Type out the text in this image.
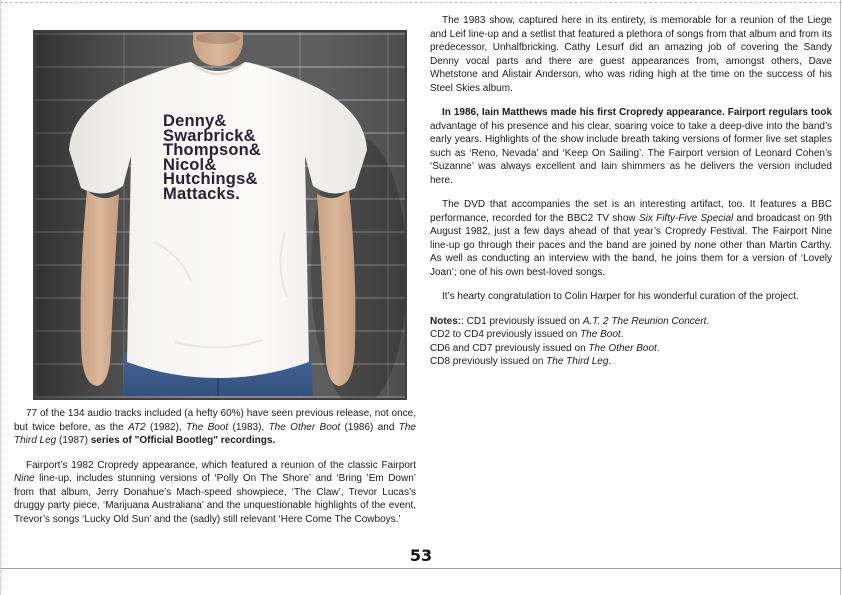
Denny&
Swarbrick&
Thompson&
Nicol&
Hutchings&
Mattacks.

The 1983 show, captured here in its entirety, is memorable for a reunion of the Liege and Leif line-up and a setlist that featured a plethora of songs from that album and from its predecessor, Unhalfbricking. Cathy Lesurf did an amazing job of covering the Sandy Denny vocal parts and there are guest appearances from, amongst others, Dave Whetstone and Alistair Anderson, who was riding high at the time on the success of his Steel Skies album.

In 1986, Iain Matthews made his first Cropredy appearance. Fairport regulars took advantage of his presence and his clear, soaring voice to take a deep-dive into the band’s early years. Highlights of the show include breath taking versions of former live set staples such as ‘Reno, Nevada’ and ‘Keep On Sailing’. The Fairport version of Leonard Cohen’s ‘Suzanne’ was always excellent and Iain shimmers as he delivers the version included here.

The DVD that accompanies the set is an interesting artifact, too. It features a BBC performance, recorded for the BBC2 TV show Six Fifty-Five Special and broadcast on 9th August 1982, just a few days ahead of that year’s Cropredy Festival. The Fairport Nine line-up go through their paces and the band are joined by none other than Martin Carthy. As well as conducting an interview with the band, he joins them for a version of ‘Lovely Joan’; one of his own best-loved songs.

It’s hearty congratulation to Colin Harper for his wonderful curation of the project.

Notes:: CD1 previously issued on A.T. 2 The Reunion Concert.

CD2 to CD4 previously issued on The Boot.

CD6 and CD7 previously issued on The Other Boot.

CD8 previously issued on The Third Leg.

77 of the 134 audio tracks included (a hefty 60%) have seen previous release, not once, but twice before, as the AT2 (1982), The Boot (1983), The Other Boot (1986) and The Third Leg (1987) series of "Official Bootleg" recordings.

Fairport’s 1982 Cropredy appearance, which featured a reunion of the classic Fairport Nine line-up, includes stunning versions of ‘Polly On The Shore’ and ‘Bring ’Em Down’ from that album, Jerry Donahue’s Mach-speed showpiece, ‘The Claw’, Trevor Lucas’s druggy party piece, ‘Marijuana Australiana’ and the unquestionable highlights of the event, Trevor’s songs ‘Lucky Old Sun’ and the (sadly) still relevant ‘Here Come The Cowboys.’

53
